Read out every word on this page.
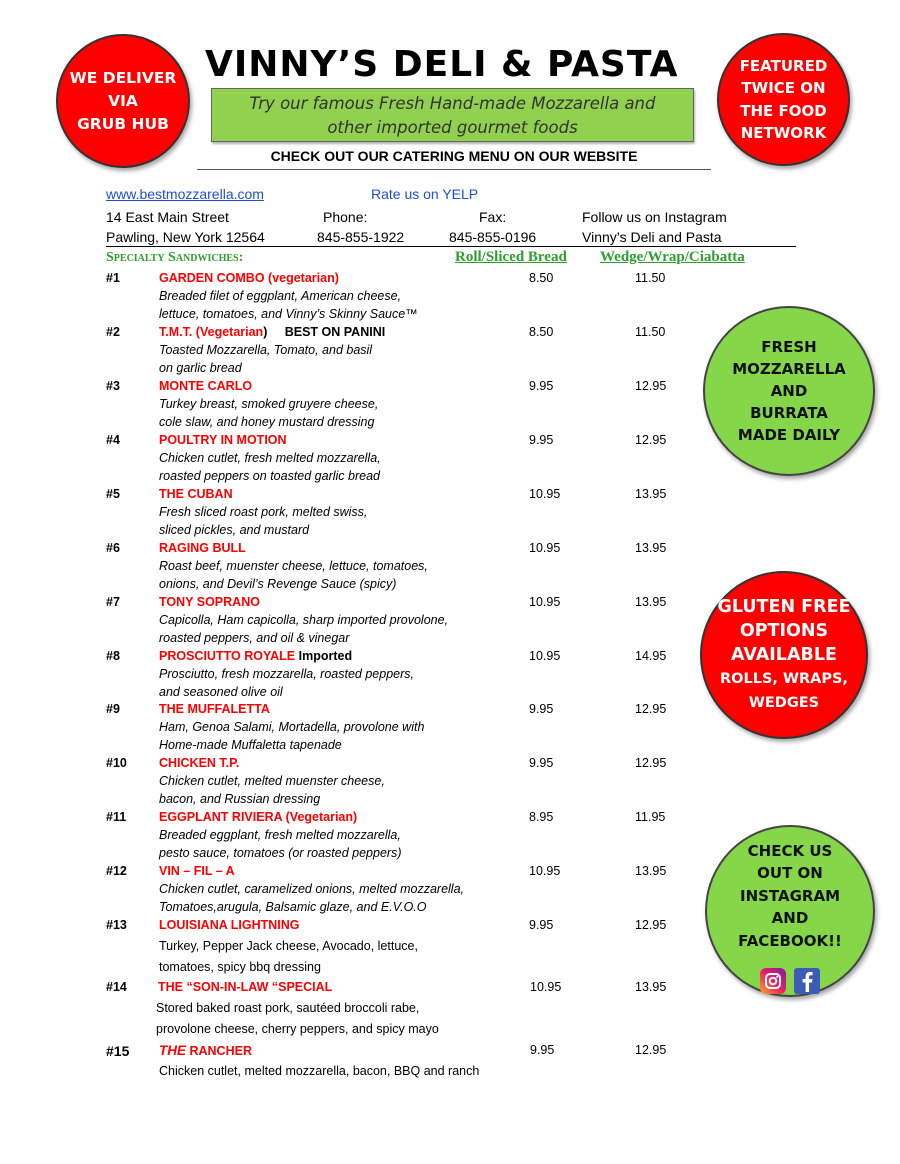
WE DELIVER
VIA
GRUB HUB
VINNY’S DELI & PASTA
Try our famous Fresh Hand-made Mozzarella and
other imported gourmet foods
FEATURED
TWICE ON
THE FOOD
NETWORK
CHECK OUT OUR CATERING MENU ON OUR WEBSITE
www.bestmozzarella.com	Rate us on YELP
14 East Main Street	Phone:	Fax:	Follow us on Instagram
Pawling, New York 12564	845-855-1922	845-855-0196	Vinny’s Deli and Pasta
Specialty Sandwiches:	Roll/Sliced Bread Wedge/Wrap/Ciabatta
#1	GARDEN COMBO (vegetarian)
Breaded filet of eggplant, American cheese,
lettuce, tomatoes, and Vinny’s Skinny Sauce™
8.50	11.50
#2	T.M.T. (Vegetarian)     BEST ON PANINI
Toasted Mozzarella, Tomato, and basil
on garlic bread
8.50	11.50
#3	MONTE CARLO
Turkey breast, smoked gruyere cheese,
cole slaw, and honey mustard dressing
9.95	12.95
#4	POULTRY IN MOTION
Chicken cutlet, fresh melted mozzarella,
roasted peppers on toasted garlic bread
9.95	12.95
#5	THE CUBAN
Fresh sliced roast pork, melted swiss,
sliced pickles, and mustard
10.95	13.95
#6	RAGING BULL
Roast beef, muenster cheese, lettuce, tomatoes,
onions, and Devil’s Revenge Sauce (spicy)
10.95	13.95
#7	TONY SOPRANO
Capicolla, Ham capicolla, sharp imported provolone,
roasted peppers, and oil & vinegar
10.95	13.95
#8	PROSCIUTTO ROYALE Imported
Prosciutto, fresh mozzarella, roasted peppers,
and seasoned olive oil
10.95	14.95
#9	THE MUFFALETTA
Ham, Genoa Salami, Mortadella, provolone with
Home-made Muffaletta tapenade
9.95	12.95
#10	CHICKEN T.P.
Chicken cutlet, melted muenster cheese,
bacon, and Russian dressing
9.95	12.95
#11	EGGPLANT RIVIERA (Vegetarian)
Breaded eggplant, fresh melted mozzarella,
pesto sauce, tomatoes (or roasted peppers)
8.95	11.95
#12	VIN – FIL – A
Chicken cutlet, caramelized onions, melted mozzarella,
Tomatoes,arugula, Balsamic glaze, and E.V.O.O
10.95	13.95
#13	LOUISIANA LIGHTNING
Turkey, Pepper Jack cheese, Avocado, lettuce,
tomatoes, spicy bbq dressing
9.95	12.95
#14 THE “SON-IN-LAW “SPECIAL
Stored baked roast pork, sautéed broccoli rabe,
provolone cheese, cherry peppers, and spicy mayo
10.95	13.95
#15 THE RANCHER
Chicken cutlet, melted mozzarella, bacon, BBQ and ranch
9.95	12.95
FRESH
MOZZARELLA
AND
BURRATA
MADE DAILY
GLUTEN FREE
OPTIONS
AVAILABLE
ROLLS, WRAPS,
WEDGES
CHECK US
OUT ON
INSTAGRAM
AND
FACEBOOK!!
